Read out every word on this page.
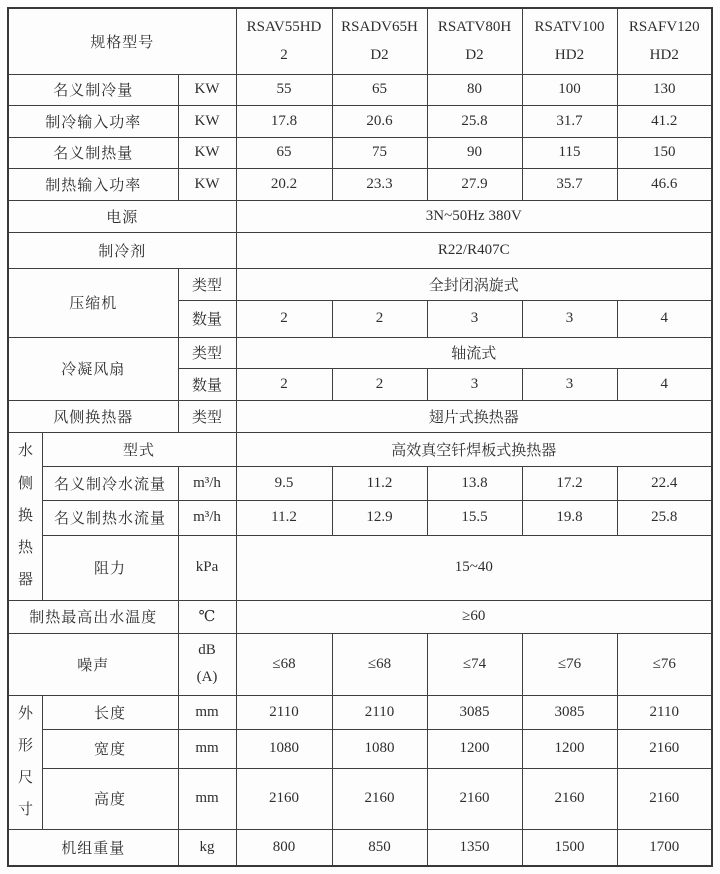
规格型号			RSAV55HD2	RSADV65HD2	RSATV80HD2	RSATV100HD2	RSAFV120HD2
名义制冷量		KW	55	65	80	100	130
制冷输入功率		KW	17.8	20.6	25.8	31.7	41.2
名义制热量		KW	65	75	90	115	150
制热输入功率		KW	20.2	23.3	27.9	35.7	46.6
电源			3N~50Hz 380V				
制冷剂			R22/R407C				
压缩机		类型	全封闭涡旋式				
		数量	2	2	3	3	4
冷凝风扇		类型	轴流式				
		数量	2	2	3	3	4
风侧换热器		类型	翅片式换热器				
水侧换热器	型式		高效真空钎焊板式换热器				
	名义制冷水流量	m³/h	9.5	11.2	13.8	17.2	22.4
	名义制热水流量	m³/h	11.2	12.9	15.5	19.8	25.8
	阻力	kPa	15~40				
制热最高出水温度		℃	≥60				
噪声		dB(A)	≤68	≤68	≤74	≤76	≤76
外形尺寸	长度	mm	2110	2110	3085	3085	2110
	宽度	mm	1080	1080	1200	1200	2160
	高度	mm	2160	2160	2160	2160	2160
机组重量		kg	800	850	1350	1500	1700
